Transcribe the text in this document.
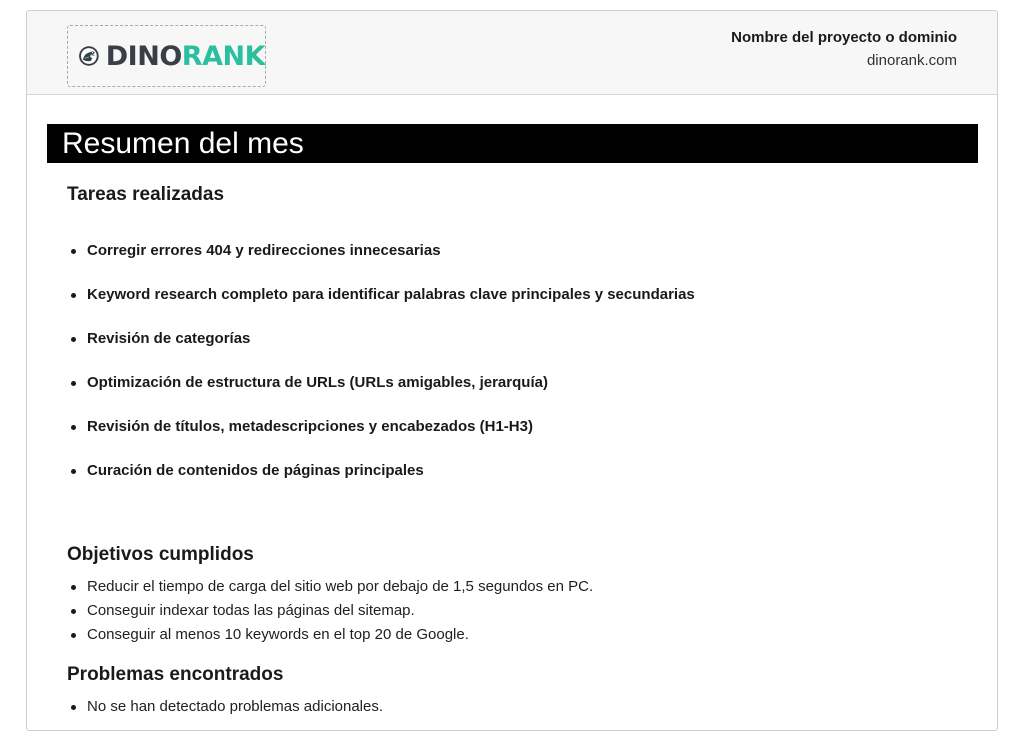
DINORANK
Nombre del proyecto o dominio
dinorank.com
Resumen del mes
Tareas realizadas
Corregir errores 404 y redirecciones innecesarias
Keyword research completo para identificar palabras clave principales y secundarias
Revisión de categorías
Optimización de estructura de URLs (URLs amigables, jerarquía)
Revisión de títulos, metadescripciones y encabezados (H1-H3)
Curación de contenidos de páginas principales
Objetivos cumplidos
Reducir el tiempo de carga del sitio web por debajo de 1,5 segundos en PC.
Conseguir indexar todas las páginas del sitemap.
Conseguir al menos 10 keywords en el top 20 de Google.
Problemas encontrados
No se han detectado problemas adicionales.
